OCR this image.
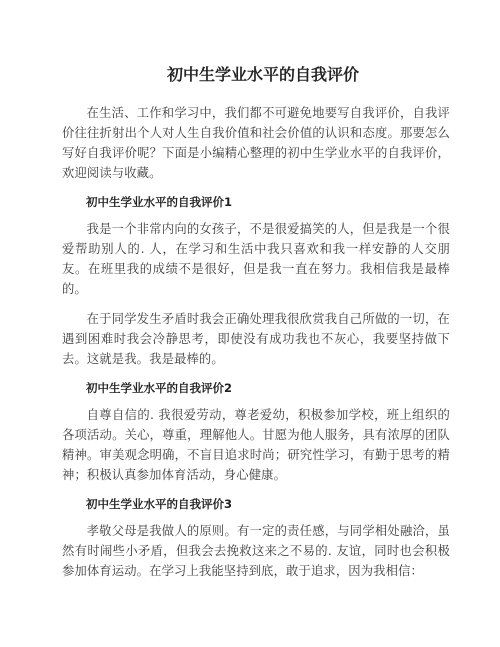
初中生学业水平的自我评价

在生活、工作和学习中，我们都不可避免地要写自我评价，自我评价往往折射出个人对人生自我价值和社会价值的认识和态度。那要怎么写好自我评价呢？下面是小编精心整理的初中生学业水平的自我评价，欢迎阅读与收藏。

初中生学业水平的自我评价1

我是一个非常内向的女孩子，不是很爱搞笑的人，但是我是一个很爱帮助别人的. 人，在学习和生活中我只喜欢和我一样安静的人交朋友。在班里我的成绩不是很好，但是我一直在努力。我相信我是最棒的。

在于同学发生矛盾时我会正确处理我很欣赏我自己所做的一切，在遇到困难时我会冷静思考，即使没有成功我也不灰心，我要坚持做下去。这就是我。我是最棒的。

初中生学业水平的自我评价2

自尊自信的. 我很爱劳动，尊老爱幼，积极参加学校，班上组织的各项活动。关心，尊重，理解他人。甘愿为他人服务，具有浓厚的团队精神。审美观念明确，不盲目追求时尚；研究性学习，有勤于思考的精神；积极认真参加体育活动，身心健康。

初中生学业水平的自我评价3

孝敬父母是我做人的原则。有一定的责任感，与同学相处融洽，虽然有时闹些小矛盾，但我会去挽救这来之不易的. 友谊，同时也会积极参加体育运动。在学习上我能坚持到底，敢于追求，因为我相信：
